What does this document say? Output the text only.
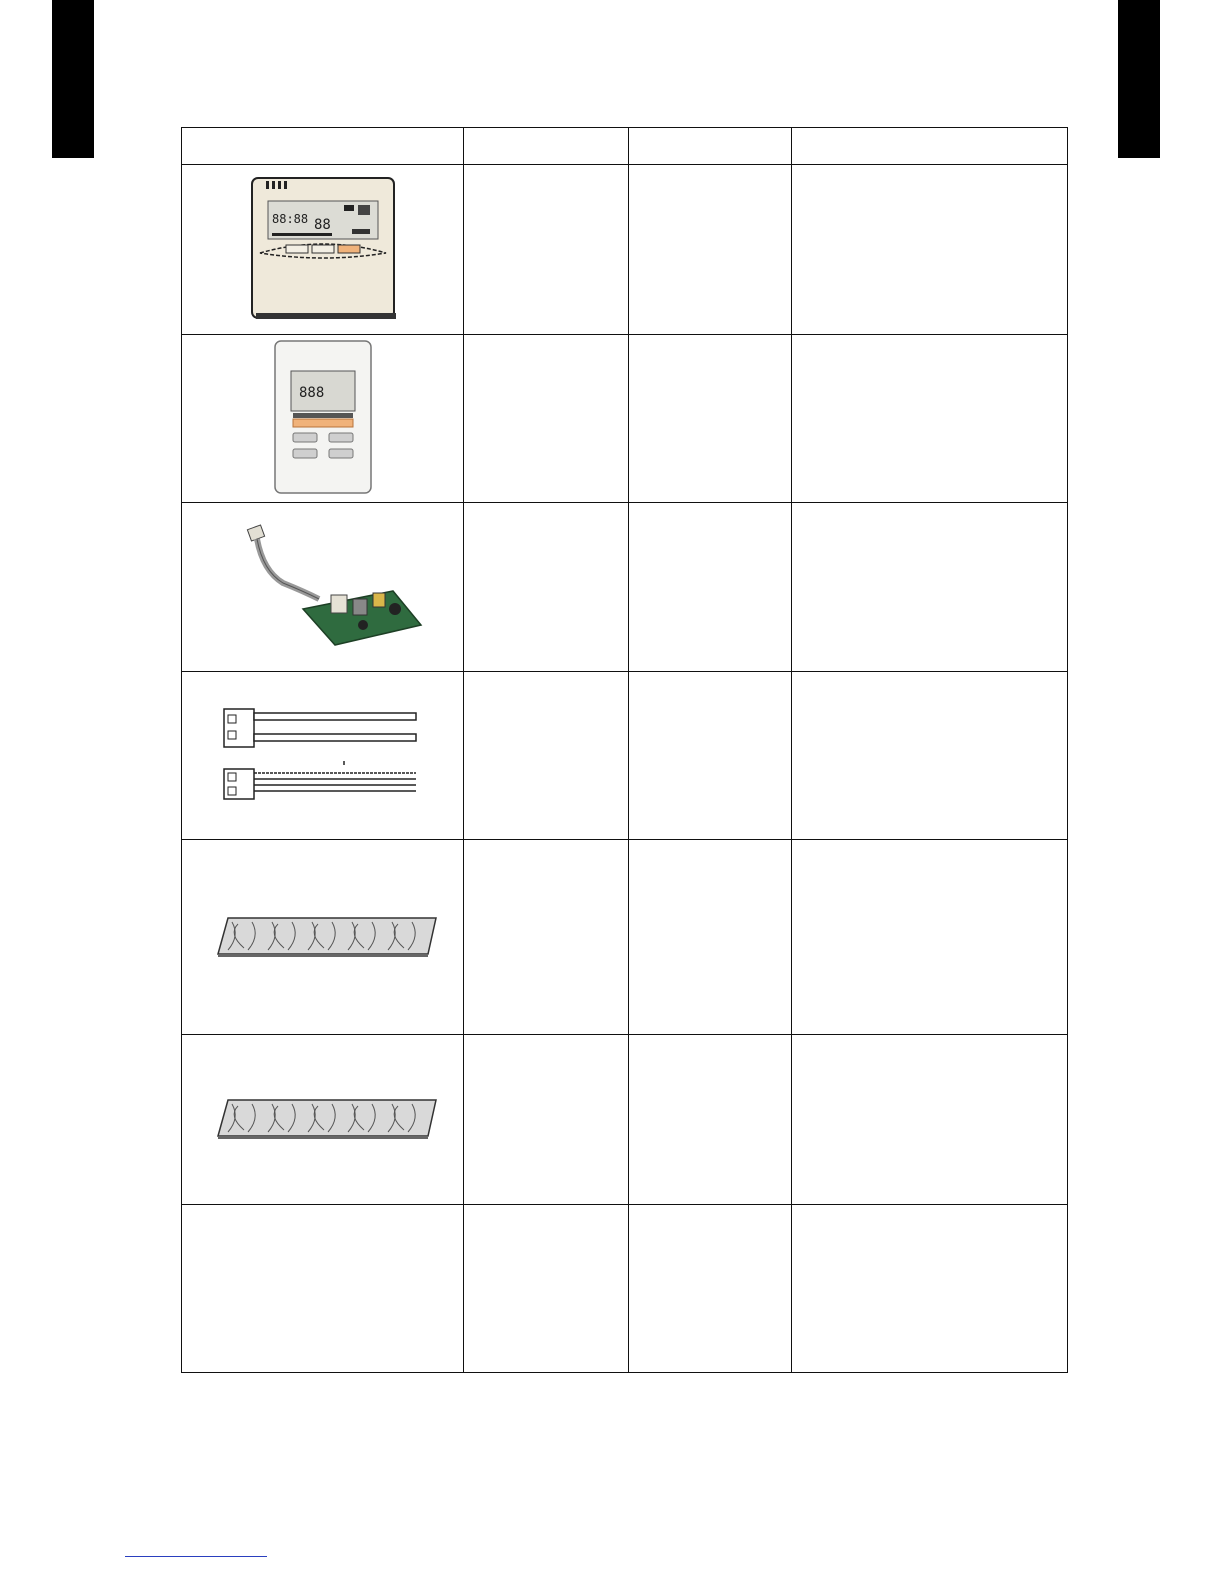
88:88 88			

888			
